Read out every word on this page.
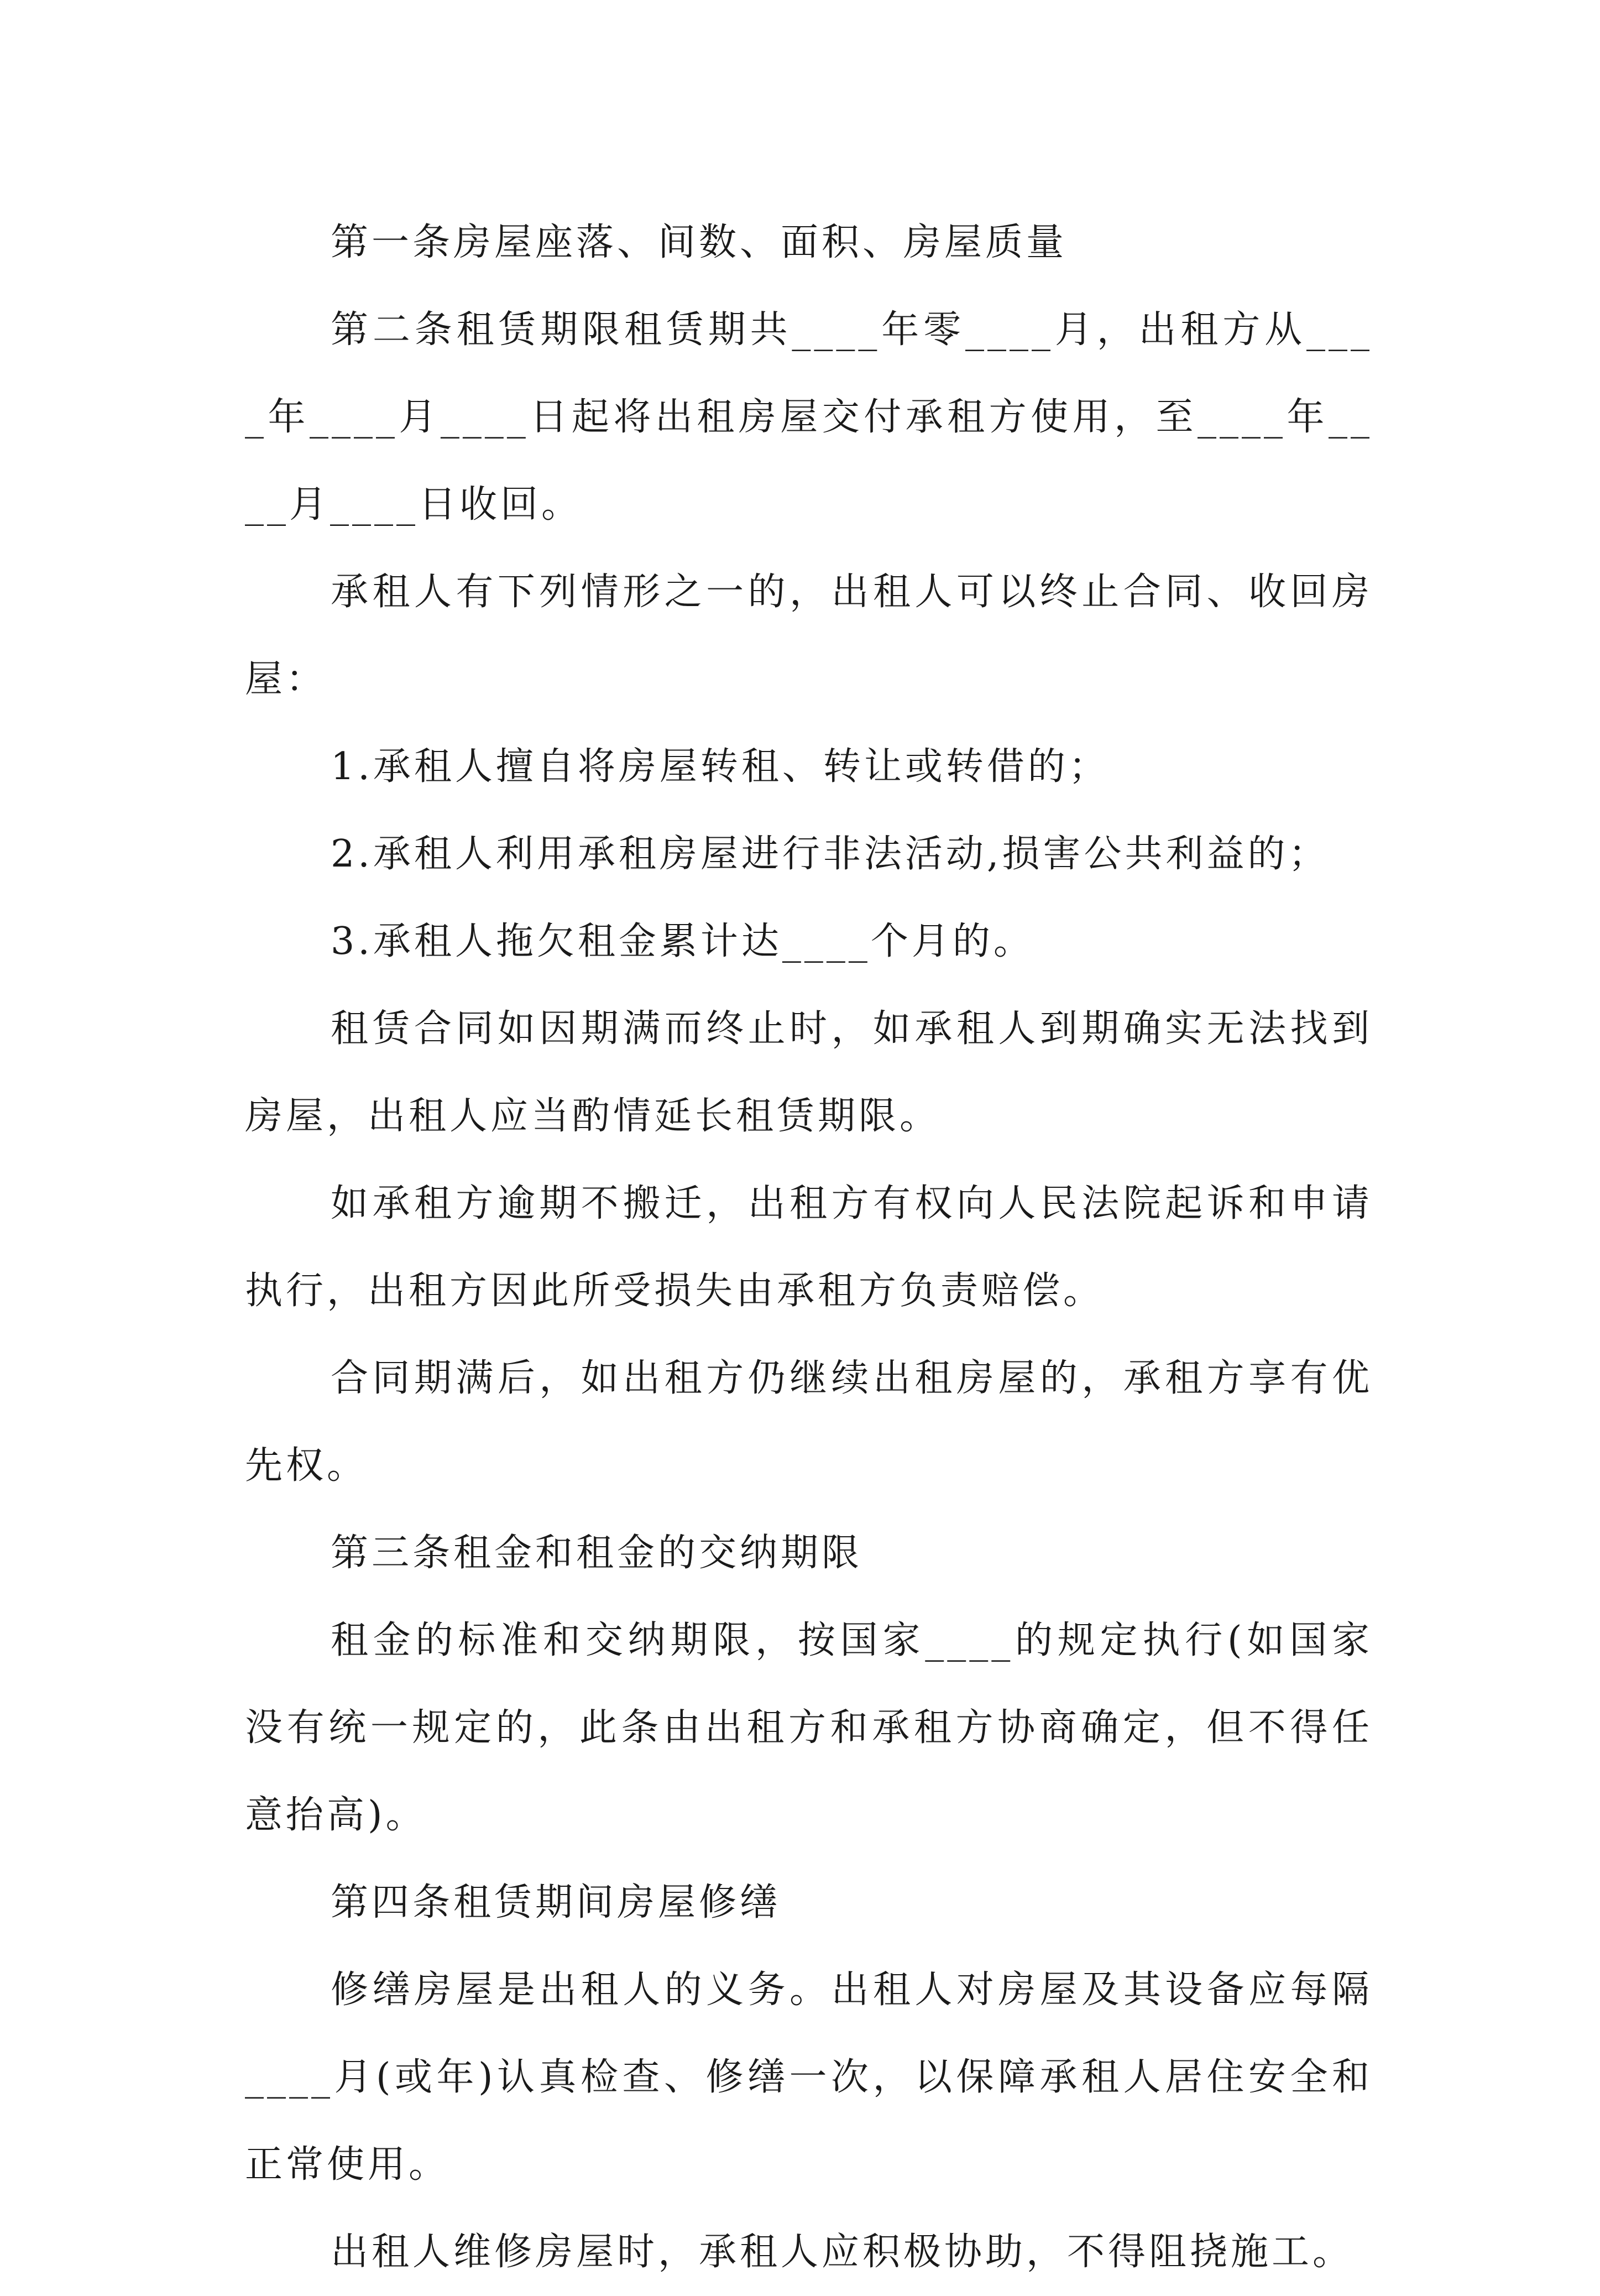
第一条房屋座落、间数、面积、房屋质量

第二条租赁期限租赁期共____年零____月，出租方从____年____月____日起将出租房屋交付承租方使用，至____年____月____日收回。

承租人有下列情形之一的，出租人可以终止合同、收回房屋：

1.承租人擅自将房屋转租、转让或转借的；

2.承租人利用承租房屋进行非法活动,损害公共利益的；

3.承租人拖欠租金累计达____个月的。

租赁合同如因期满而终止时，如承租人到期确实无法找到房屋，出租人应当酌情延长租赁期限。

如承租方逾期不搬迁，出租方有权向人民法院起诉和申请执行，出租方因此所受损失由承租方负责赔偿。

合同期满后，如出租方仍继续出租房屋的，承租方享有优先权。

第三条租金和租金的交纳期限

租金的标准和交纳期限，按国家____的规定执行(如国家没有统一规定的，此条由出租方和承租方协商确定，但不得任意抬高)。

第四条租赁期间房屋修缮

修缮房屋是出租人的义务。出租人对房屋及其设备应每隔____月(或年)认真检查、修缮一次，以保障承租人居住安全和正常使用。

出租人维修房屋时，承租人应积极协助，不得阻挠施工。
